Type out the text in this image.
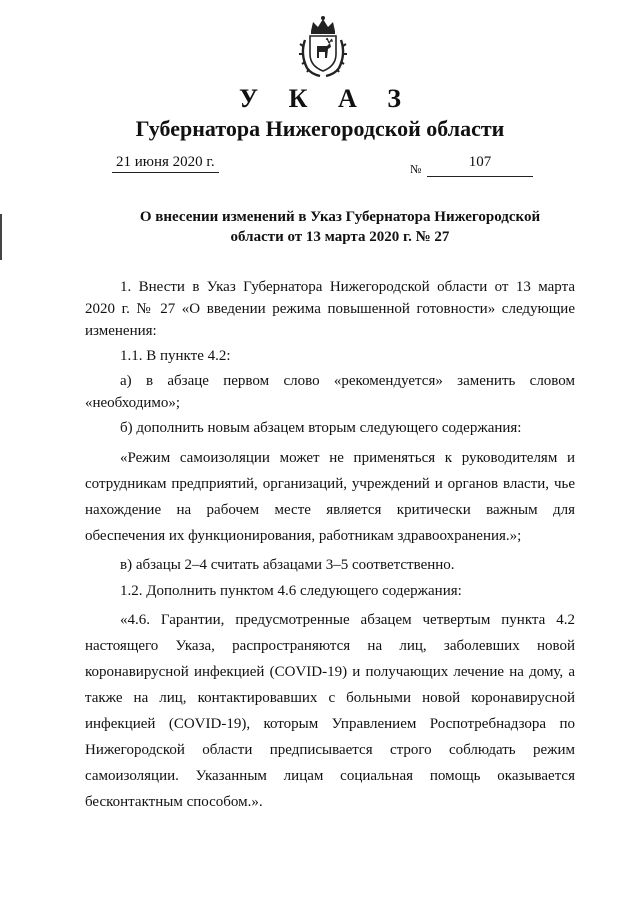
У К А З
Губернатора Нижегородской области
21 июня 2020 г.	№	107
О внесении изменений в Указ Губернатора Нижегородской
области от 13 марта 2020 г. № 27

1. Внести в Указ Губернатора Нижегородской области от 13 марта 2020 г. № 27 «О введении режима повышенной готовности» следующие изменения:

1.1. В пункте 4.2:

а) в абзаце первом слово «рекомендуется» заменить словом «необходимо»;

б) дополнить новым абзацем вторым следующего содержания:

«Режим самоизоляции может не применяться к руководителям и сотрудникам предприятий, организаций, учреждений и органов власти, чье нахождение на рабочем месте является критически важным для обеспечения их функционирования, работникам здравоохранения.»;

в) абзацы 2–4 считать абзацами 3–5 соответственно.

1.2. Дополнить пунктом 4.6 следующего содержания:

«4.6. Гарантии, предусмотренные абзацем четвертым пункта 4.2 настоящего Указа, распространяются на лиц, заболевших новой коронавирусной инфекцией (COVID-19) и получающих лечение на дому, а также на лиц, контактировавших с больными новой коронавирусной инфекцией (COVID-19), которым Управлением Роспотребнадзора по Нижегородской области предписывается строго соблюдать режим самоизоляции. Указанным лицам социальная помощь оказывается бесконтактным способом.».
